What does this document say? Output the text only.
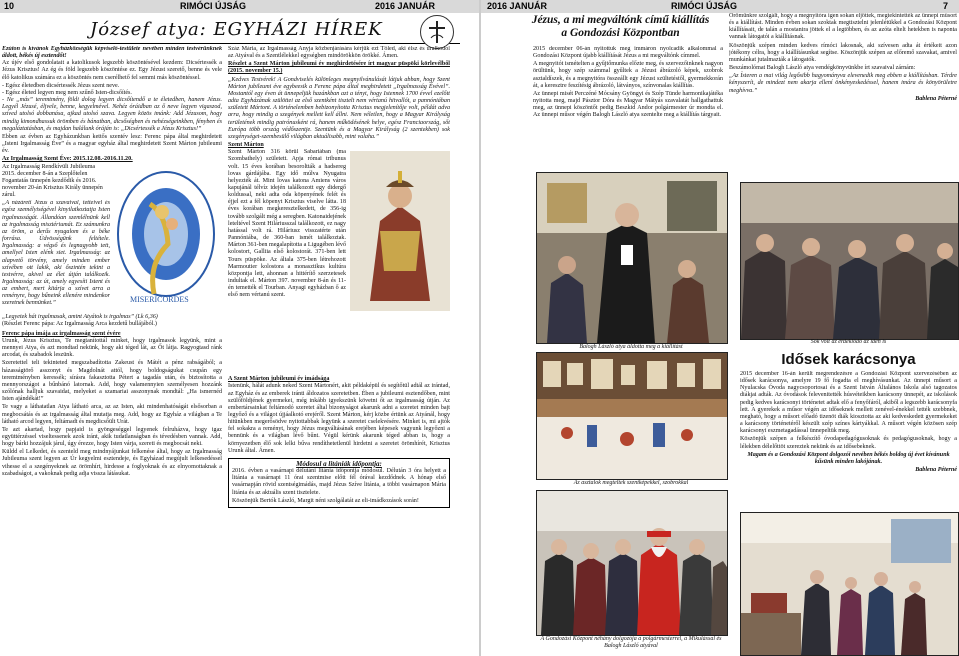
10	RIMÓCI ÚJSÁG	2016 JANUÁR
József atya: EGYHÁZI HÍREK

Ezúton is kívánok Egyházközségük képviselő-testülete nevében minden testvérünknek áldott, békés új esztendőt!

Az újév első gondolatait a katolikusok legszebb köszöntésével kezdem: Dicsértessék a Jézus Krisztus! Az ég és föld legszebb köszöntése ez. Egy Jézust szerető, benne és vele élő katolikus számára ez a köszöntés nem cserélhető fel semmi más köszöntéssel.

- Egész életedben dicsértessék Jézus szent neve.

- Egész életed legyen meg nem szűnő Isten-dicsőítés.

- Ne „más” teremtmény, földi dolog legyen dicsőítendő a te életedben, hanem Jézus. Legyél Jézusé, éljvele, benne, kegyelmével. Nehéz óráidban az ő neve legyen vigaszod, szíved utolsó dobbanása, ajkad utolsó szava. Legyen közös imánk: Add Jézusom, hogy mindig kimondhassuk örömben és bánatban, dicsőségben és nehézségeinkben, fényben és megaláztatásban, és majdan halálunk óráján is: „Dicsértessék a Jézus Krisztus!”

Ebben az évben az Egyházunkban kettős szentév lesz: Ferenc pápa által meghirdetett „Isteni Irgalmasság Éve” és a magyar egyház által meghirdetett Szent Márton jubileumi év.

Az Irgalmasság Szent Éve: 2015.12.08.-2016.11.20.

Az Irgalmasság Rendkívüli Jubileuma 2015. december 8-án a Szeplőtelen Fogantatás ünnepén kezdődik és 2016. november 20-án Krisztus Király ünnepén zárul.

„A názáreti Jézus a szavaival, tetteivel és egész személyiségével kinyilatkoztatja Isten irgalmasságát. Állandóan szemlélnünk kell az irgalmasság misztériumát. Ez számunkra az öröm, a derűs nyugalom és a béke forrása. Üdvösségünk feltétele. Irgalmasság: a végső és legnagyobb tett, amellyel Isten elénk siet. Irgalmasság: az alapvető törvény, amely minden ember szívében ott lakik, aki őszintén tekint a testvérre, akivel az élet útján találkozik. Irgalmasság: az út, amely egyesíti Istent és az embert, mert kitárja a szívet arra a reményre, hogy bűneink ellenére mindenkor szeretnek bennünket.”	MISERICORDES

„Legyetek hát irgalmasak, amint Atyátok is irgalmas” (Lk 6,36)

(Részlet Ferenc pápa: Az Irgalmasság Arca kezdetű bullájából.)

Ferenc pápa imája az irgalmasság szent évére

Urunk, Jézus Krisztus, Te megtanítottál minket, hogy irgalmasok legyünk, mint a mennyei Atya, és azt mondtad nekünk, hogy aki téged lát, az Őt látja. Ragyogtasd ránk arcodat, és szabadok leszünk.

Szeretettel teli tekinteted megszabadította Zakeust és Mátét a pénz rabságából; a házasságtörő asszonyt és Magdolnát attól, hogy boldogságukat csupán egy teremtményben keressék; sírásra fakasztotta Pétert a tagadás után, és biztosította a mennyországot a bűnbánó latornak. Add, hogy valamennyien személyesen hozzánk szólónak halljuk szavaidat, melyeket a szamariai asszonynak mondtál: „Ha ismernéd Isten ajándékát!”

Te vagy a láthatatlan Atya látható arca, az az Isten, aki mindenhatóságát elsősorban a megbocsátás és az irgalmasság által mutatja meg. Add, hogy az Egyház a világban a Te látható arcod legyen, feltámadt és megdicsőült Urát.

Te azt akartad, hogy papjaid is gyöngeséggel legyenek felruházva, hogy igaz együttérzéssel viseltessenek azok iránt, akik tudatlanságban és tévedésben vannak. Add, hogy bárki hozzájuk járul, úgy érezze, hogy Isten várja, szereti és megbocsát neki.

Küldd el Lelkedet, és szenteld meg mindnyájunkat felkenése által, hogy az Irgalmasság Jubileuma szent legyen az Úr kegyelmi esztendeje, és Egyházad megújult lelkesedéssel vihesse el a szegényeknek az örömhírt, hirdesse a foglyoknak és az elnyomottaknak a szabadságot, a vakoknak pedig adja vissza látásukat.

Száz Mária, az Irgalmasság Anyja közbenjárására kérjük ezt Tőled, aki élsz és uralkodol az Atyával és a Szentlélekkel egységben mindörökkön örökké. Ámen.

Részlet a Szent Márton jubileumi év meghirdetésére írt magyar püspöki körlevélből (2015. november 15.)

„Kedves Testvérek! A Gondviselés különleges megnyilvánulását látjuk abban, hogy Szent Márton jubileumi éve egybeesik a Ferenc pápa által meghirdetett „Irgalmasság Évével”. Mostantól egy éven át ünnepeljük hazánkban azt a tényt, hogy Istennek 1700 évvel ezelőtt adta Egyházának szülöttei az első szentként tisztelt nem vértanú hitvallót, a pannóniában született Mártont. A történelemben bebizonyította Krisztus megjelenítője volt, példát adva arra, hogy mindig a szegények mellett kell állni. Nem véletlen, hogy a Magyar Királyság területének mindig patrónusként rá, hanem működésének helye, egész Franciaország, sőt Európa több ország védőszentje. Szentünk és a Magyar Királyság (2 szentekben) sok szegénységet-szembesülő világban aktuálisabb, mint valaha.”

Szent Márton

Szent Márton 316 körül Sabariában (ma Szombathely) született. Apja római tribunus volt. 15 éves korában besoroltták a hadsereg lovas gárdájába. Egy idő múlva Nyugatra helyezték át. Mint lovas katona Amiens város kapujánál télvíz idején találkozott egy didergő koldussal, neki adta oda köpenyének felét és éjjel ezt a fél köpenyt Krisztus viselve látta. 18 éves korában megkeresztelkedett, de 356-ig tovább szolgált még a seregben. Katonaidejének leteltével Szent Hiláriusszal találkozott, ez nagy hatással volt rá. Hiláriusz visszatérte után Pannóniába, de 360-ban ismét találkoztak. Márton 361-ben megalapította a Ligugében lévő kolostort, Galliia első kolostorát. 371-ben lett Tours püspöke. Az általa 375-ben létrehozott Marmoutier kolostora a monasztikus kultúra központja lett, ahonnan a hittérítő szerzetesek indultak el. Márton 397. november 8-án és 11-én temették el Tourban. Anyagi egyházban ő az első nem vértanú szent.

A Szent Márton jubileumi év imádsága

Istenünk, hálát adunk neked Szent Mártonért, akit példaképül és segítőtül adtál az irántad, az Egyház és az emberek iránti áldozatos szeretetben. Ében a jubileumi esztendőben, mint szülőföldjének gyermekei, még inkább igyekszünk követni őt az irgalmasság útján. Az embertársainkat feltámodó szeretet által bizonyságot akarunk adni a szeretet minden bajt legyőző és a világot újjáalkotó erejéről. Szent Márton, kérj közbe értünk az Atyánál, hogy hitünkben megerősödve nyitottabbak legyünk a szeretet cselekvésére. Minket is, mi ajtók fel sokakra a reményt, hogy Jézus megváltásának erejében képesek vagyunk legyőzni a bennünk és a világban lévő bűnt. Végül kérünk akarunk téged abban is, hogy a környezetben élő sok lelki bűva rendíthetetlenül hirdetni a szeretet örömhírét, Krisztus Urunk által. Ámen.

Módosul a litániák időpontja:

2016. évben a vasárnapi délutáni litánia időpontja módosul. Délután 3 óra helyett a litánia a vasárnapi 11 órai szentmise előtt fél órával kezdődnek. A hónap első vasárnapján rövid szentségimádás, majd Jézus Szíve litánia, a többi vasárnapon Mária litánia és az aktuális szent tisztelete.

Köszönjük Bertók László, Margit néni szolgálatát az eli-imádkozások során!

2016 JANUÁR	RIMÓCI ÚJSÁG	7
Jézus, a mi megváltónk című kiállítás a Gondozási Központban

2015 december 06-án nyitottuk meg immáron nyolcadik alkalommal a Gondozási Központ újabb kiállítását Jézus a mi megváltónk címmel.

A megnyitót ismételten a gyűjtőmunka előzte meg, és szervezőinknek nagyon örültünk, hogy szép számmal gyűltek a Jézust ábrázoló képek, szobrok asztaldíszek, és a megnyitóra összeállt egy Jézust szültetéstől, gyermekkorán át, a keresztre feszítésig ábrázoló, látványos, színvonalas kiállítás.

Az ünnepi misét Perczéné Mócsány Gyöngyi és Szép Tünde harmonikajátéka nyitotta meg, majd Pásztor Dóra és Magyar Mátyás szavalatát hallgathattuk meg, az ünnepi köszöntőt pedig Beszkid Andor polgármester úr mondta el. Az ünnepi műsor végén Balogh László atya szentelte meg a kiállítás tárgyait.

Örömünkre szolgált, hogy a megnyitóra igen sokan eljöttek, megtekintették az ünnepi műsort és a kiállítást. Minden évben sokan szoktak megtisztelni jelenlétükkel a Gondozási Központ kiállításait, de talán a mostanira jöttek el a legtöbben, és az azóta eltelt hetekben is naponta vannak látogatói a kiállításnak.

Köszönjük szépen minden kedves rímóci lakosnak, aki szívesen adta át értékeit azon jótékony célra, hogy a kiállításunkat segítse. Köszönjük szépen az előremő szavakat, amivel munkánkat jutalmazták a látogatók.

Beszámolómat Balogh László atya vendégkönyvünkbe írt szavaival zárnám:

„Az Ïsteren a mai világ legősibb hagyományva elevenedik meg ebben a kiállításban. Térdre kényszerít, de mindezt nem akarja ellení önkényeskedéssel, hanem imára és könyörületre meghívva.”

Bablena Péterné

Balogh László atya áldotta meg a kiállítást
Sok volt az érdeklődő az idén is
Idősek karácsonya

2015 december 16-án került megrendezésre a Gondozási Központ szervezésében az idősek karácsonya, amelyre 19 fő fogadta el meghívásunkat. Az ünnepi műsort a Nyulacska Óvoda nagycsoportosai és a Szent István Általános Iskola alsó tagozatos diákjai adták. Az óvodások felevenitették húsvéteikben karácsony ünnepét, az iskolások pedig kedves karácsonyi történetet adtak elő a fenyőfáról, akiből a legszebb karácsonyfa lett. A gyerekek a műsor végén az időseknek mellett zenével-énekkel tették szebbnek, megható, hogy a műsort előadó tizenöt diák kiosztotta az aki kedveskedett gyermekeket a karácsony történetéről készült szép színes kártyákkal. A műsort végén közösen szép karácsonyi eszmetagadással ünnepeltük meg.

Köszönjük szépen a felkészítő óvodapedagógusoknak és pedagógusoknak, hogy a lélekben délelőttöt szereztek nekünk és az idősebeknek.

Magam és a Gondozási Központ dolgozói nevében békés boldog új évet kívánunk kűsünk minden lakójának.

Bablena Péterné

Az asztalok megteltek szentképekkel, szobrokkal
A Gondozási Központ néhány dolgozója a polgármesterrel, a Mikulással és Balogh László atyával
